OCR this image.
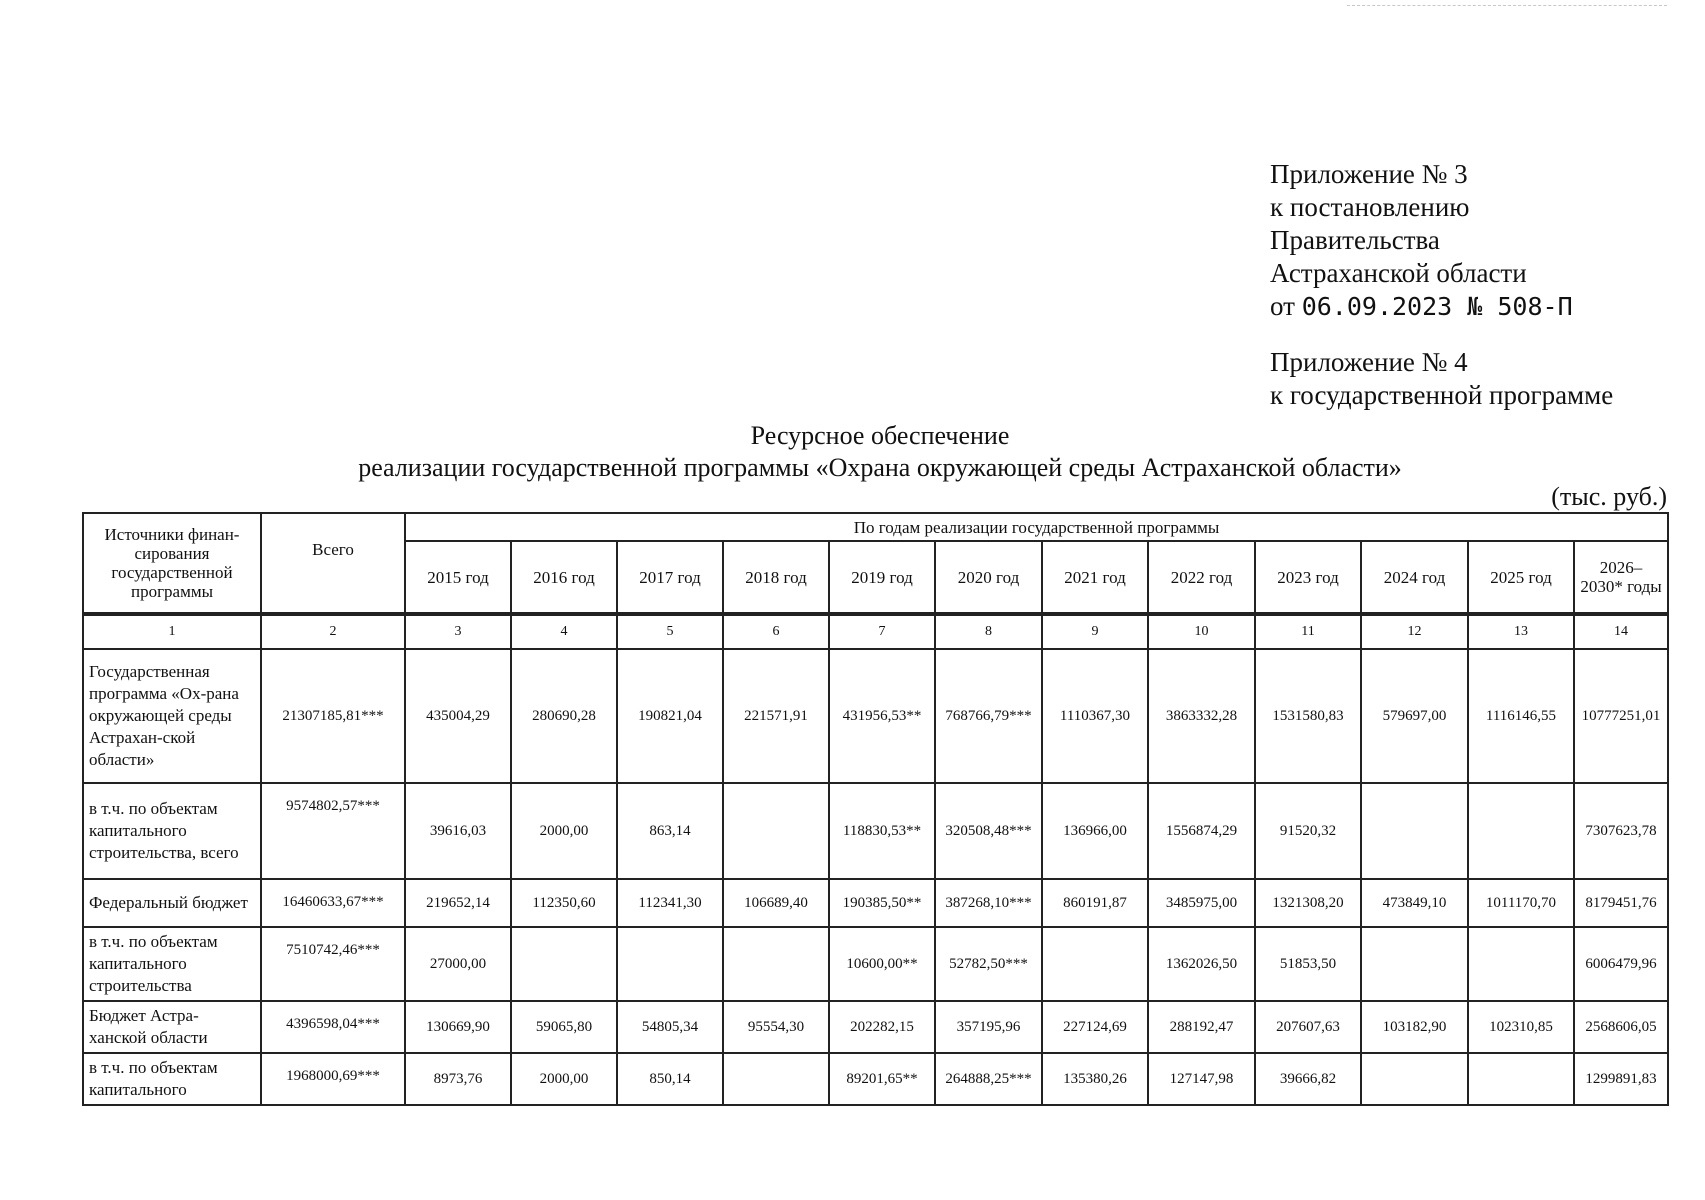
Приложение № 3
к постановлению
Правительства
Астраханской области
от 06.09.2023 № 508-П
Приложение № 4
к государственной программе
Ресурсное обеспечение
реализации государственной программы «Охрана окружающей среды Астраханской области»
(тыс. руб.)
Источники финан-сирования государственной программы	Всего	По годам реализации государственной программы											
		2015 год	2016 год	2017 год	2018 год	2019 год	2020 год	2021 год	2022 год	2023 год	2024 год	2025 год	2026–2030* годы
1	2	3	4	5	6	7	8	9	10	11	12	13	14
Государственная программа «Ох-рана окружающей среды Астрахан-ской области»	21307185,81***	435004,29	280690,28	190821,04	221571,91	431956,53**	768766,79***	1110367,30	3863332,28	1531580,83	579697,00	1116146,55	10777251,01
в т.ч. по объектам капитального строительства, всего	9574802,57***	39616,03	2000,00	863,14		118830,53**	320508,48***	136966,00	1556874,29	91520,32			7307623,78
Федеральный бюджет	16460633,67***	219652,14	112350,60	112341,30	106689,40	190385,50**	387268,10***	860191,87	3485975,00	1321308,20	473849,10	1011170,70	8179451,76
в т.ч. по объектам капитального строительства	7510742,46***	27000,00				10600,00**	52782,50***		1362026,50	51853,50			6006479,96
Бюджет Астра-ханской области	4396598,04***	130669,90	59065,80	54805,34	95554,30	202282,15	357195,96	227124,69	288192,47	207607,63	103182,90	102310,85	2568606,05
в т.ч. по объектам капитального	1968000,69***	8973,76	2000,00	850,14		89201,65**	264888,25***	135380,26	127147,98	39666,82			1299891,83
